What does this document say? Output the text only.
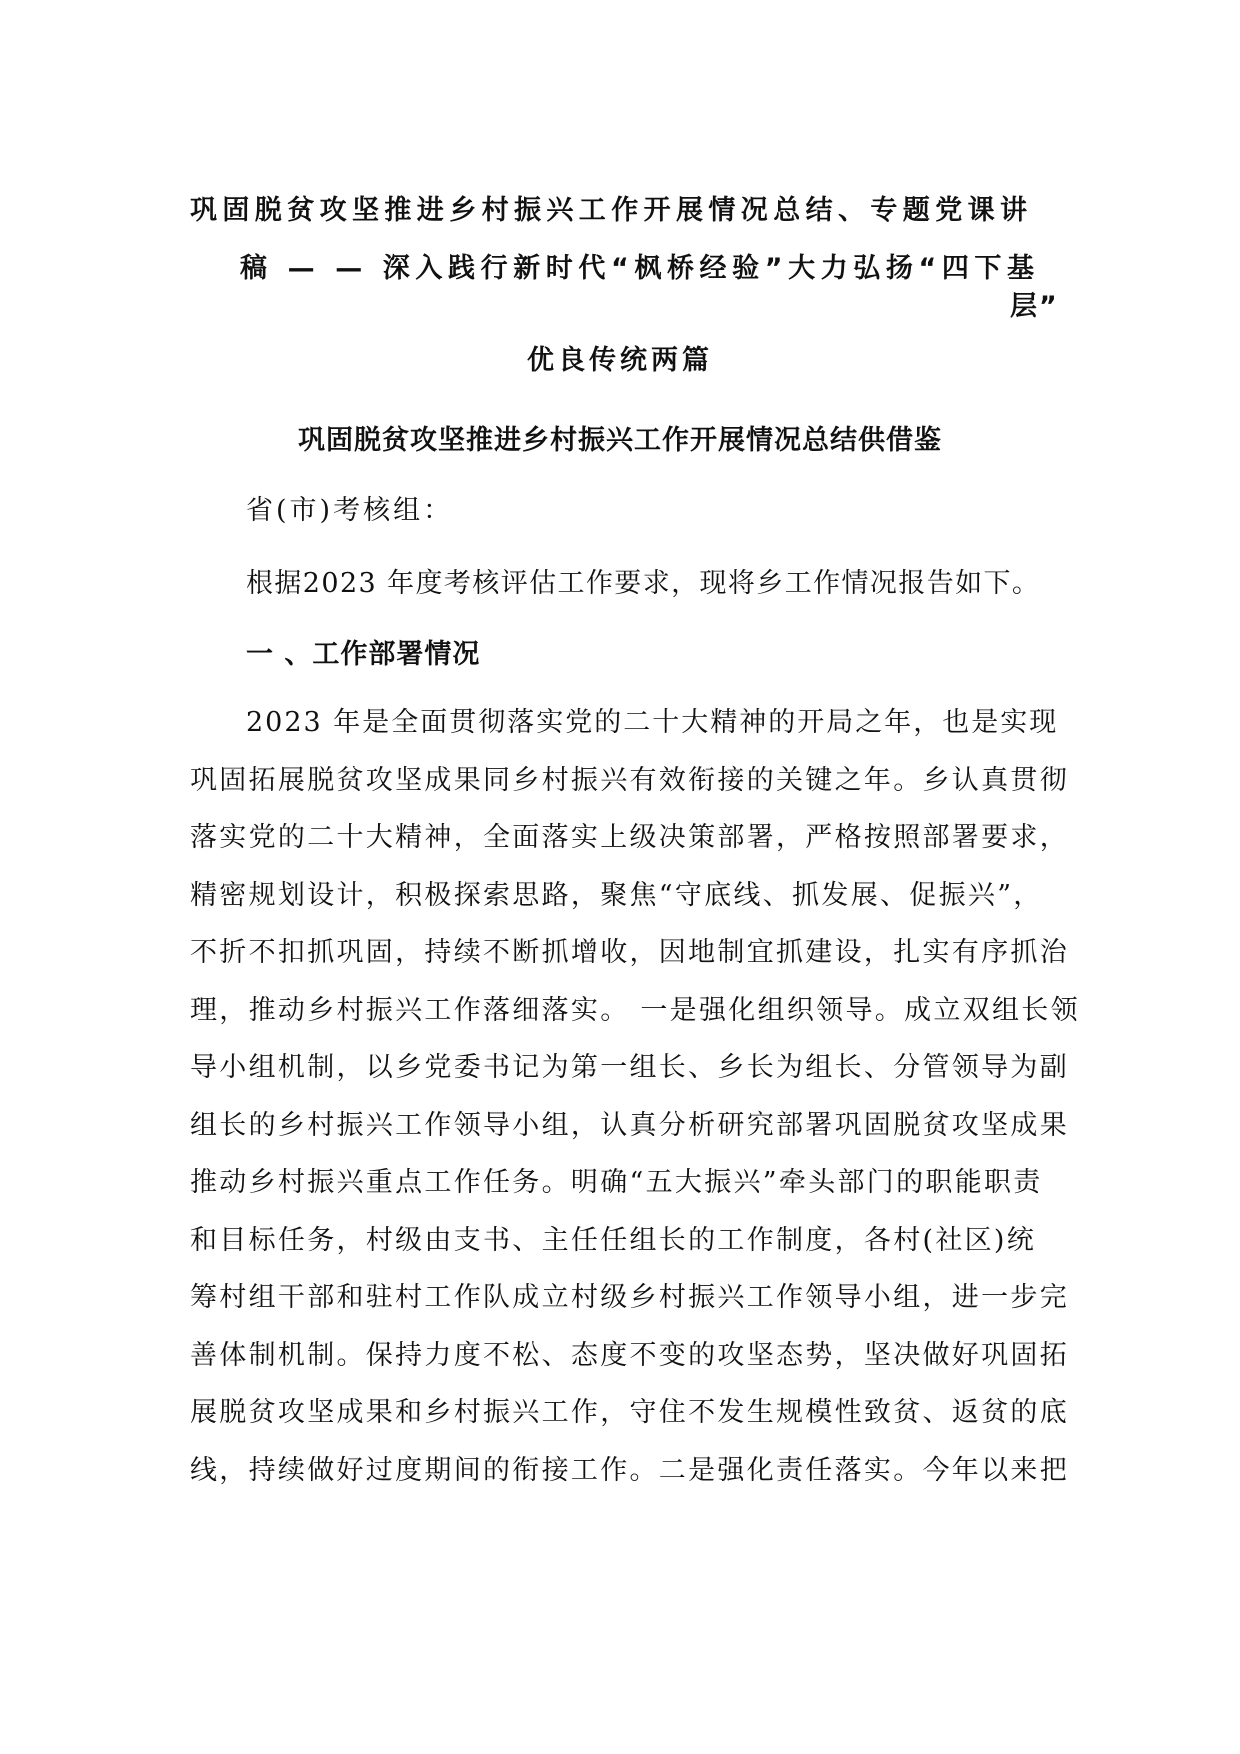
巩固脱贫攻坚推进乡村振兴工作开展情况总结、专题党课讲
稿 — — 深入践行新时代“枫桥经验”大力弘扬“四下基
层”
优良传统两篇
巩固脱贫攻坚推进乡村振兴工作开展情况总结供借鉴
省(市)考核组：
根据2023 年度考核评估工作要求，现将乡工作情况报告如下。
一 、工作部署情况
2023 年是全面贯彻落实党的二十大精神的开局之年，也是实现
巩固拓展脱贫攻坚成果同乡村振兴有效衔接的关键之年。乡认真贯彻
落实党的二十大精神，全面落实上级决策部署，严格按照部署要求，
精密规划设计，积极探索思路，聚焦“守底线、抓发展、促振兴”，
不折不扣抓巩固，持续不断抓增收，因地制宜抓建设，扎实有序抓治
理，推动乡村振兴工作落细落实。 一是强化组织领导。成立双组长领
导小组机制，以乡党委书记为第一组长、乡长为组长、分管领导为副
组长的乡村振兴工作领导小组，认真分析研究部署巩固脱贫攻坚成果
推动乡村振兴重点工作任务。明确“五大振兴”牵头部门的职能职责
和目标任务，村级由支书、主任任组长的工作制度，各村(社区)统
筹村组干部和驻村工作队成立村级乡村振兴工作领导小组，进一步完
善体制机制。保持力度不松、态度不变的攻坚态势，坚决做好巩固拓
展脱贫攻坚成果和乡村振兴工作，守住不发生规模性致贫、返贫的底
线，持续做好过度期间的衔接工作。二是强化责任落实。今年以来把
